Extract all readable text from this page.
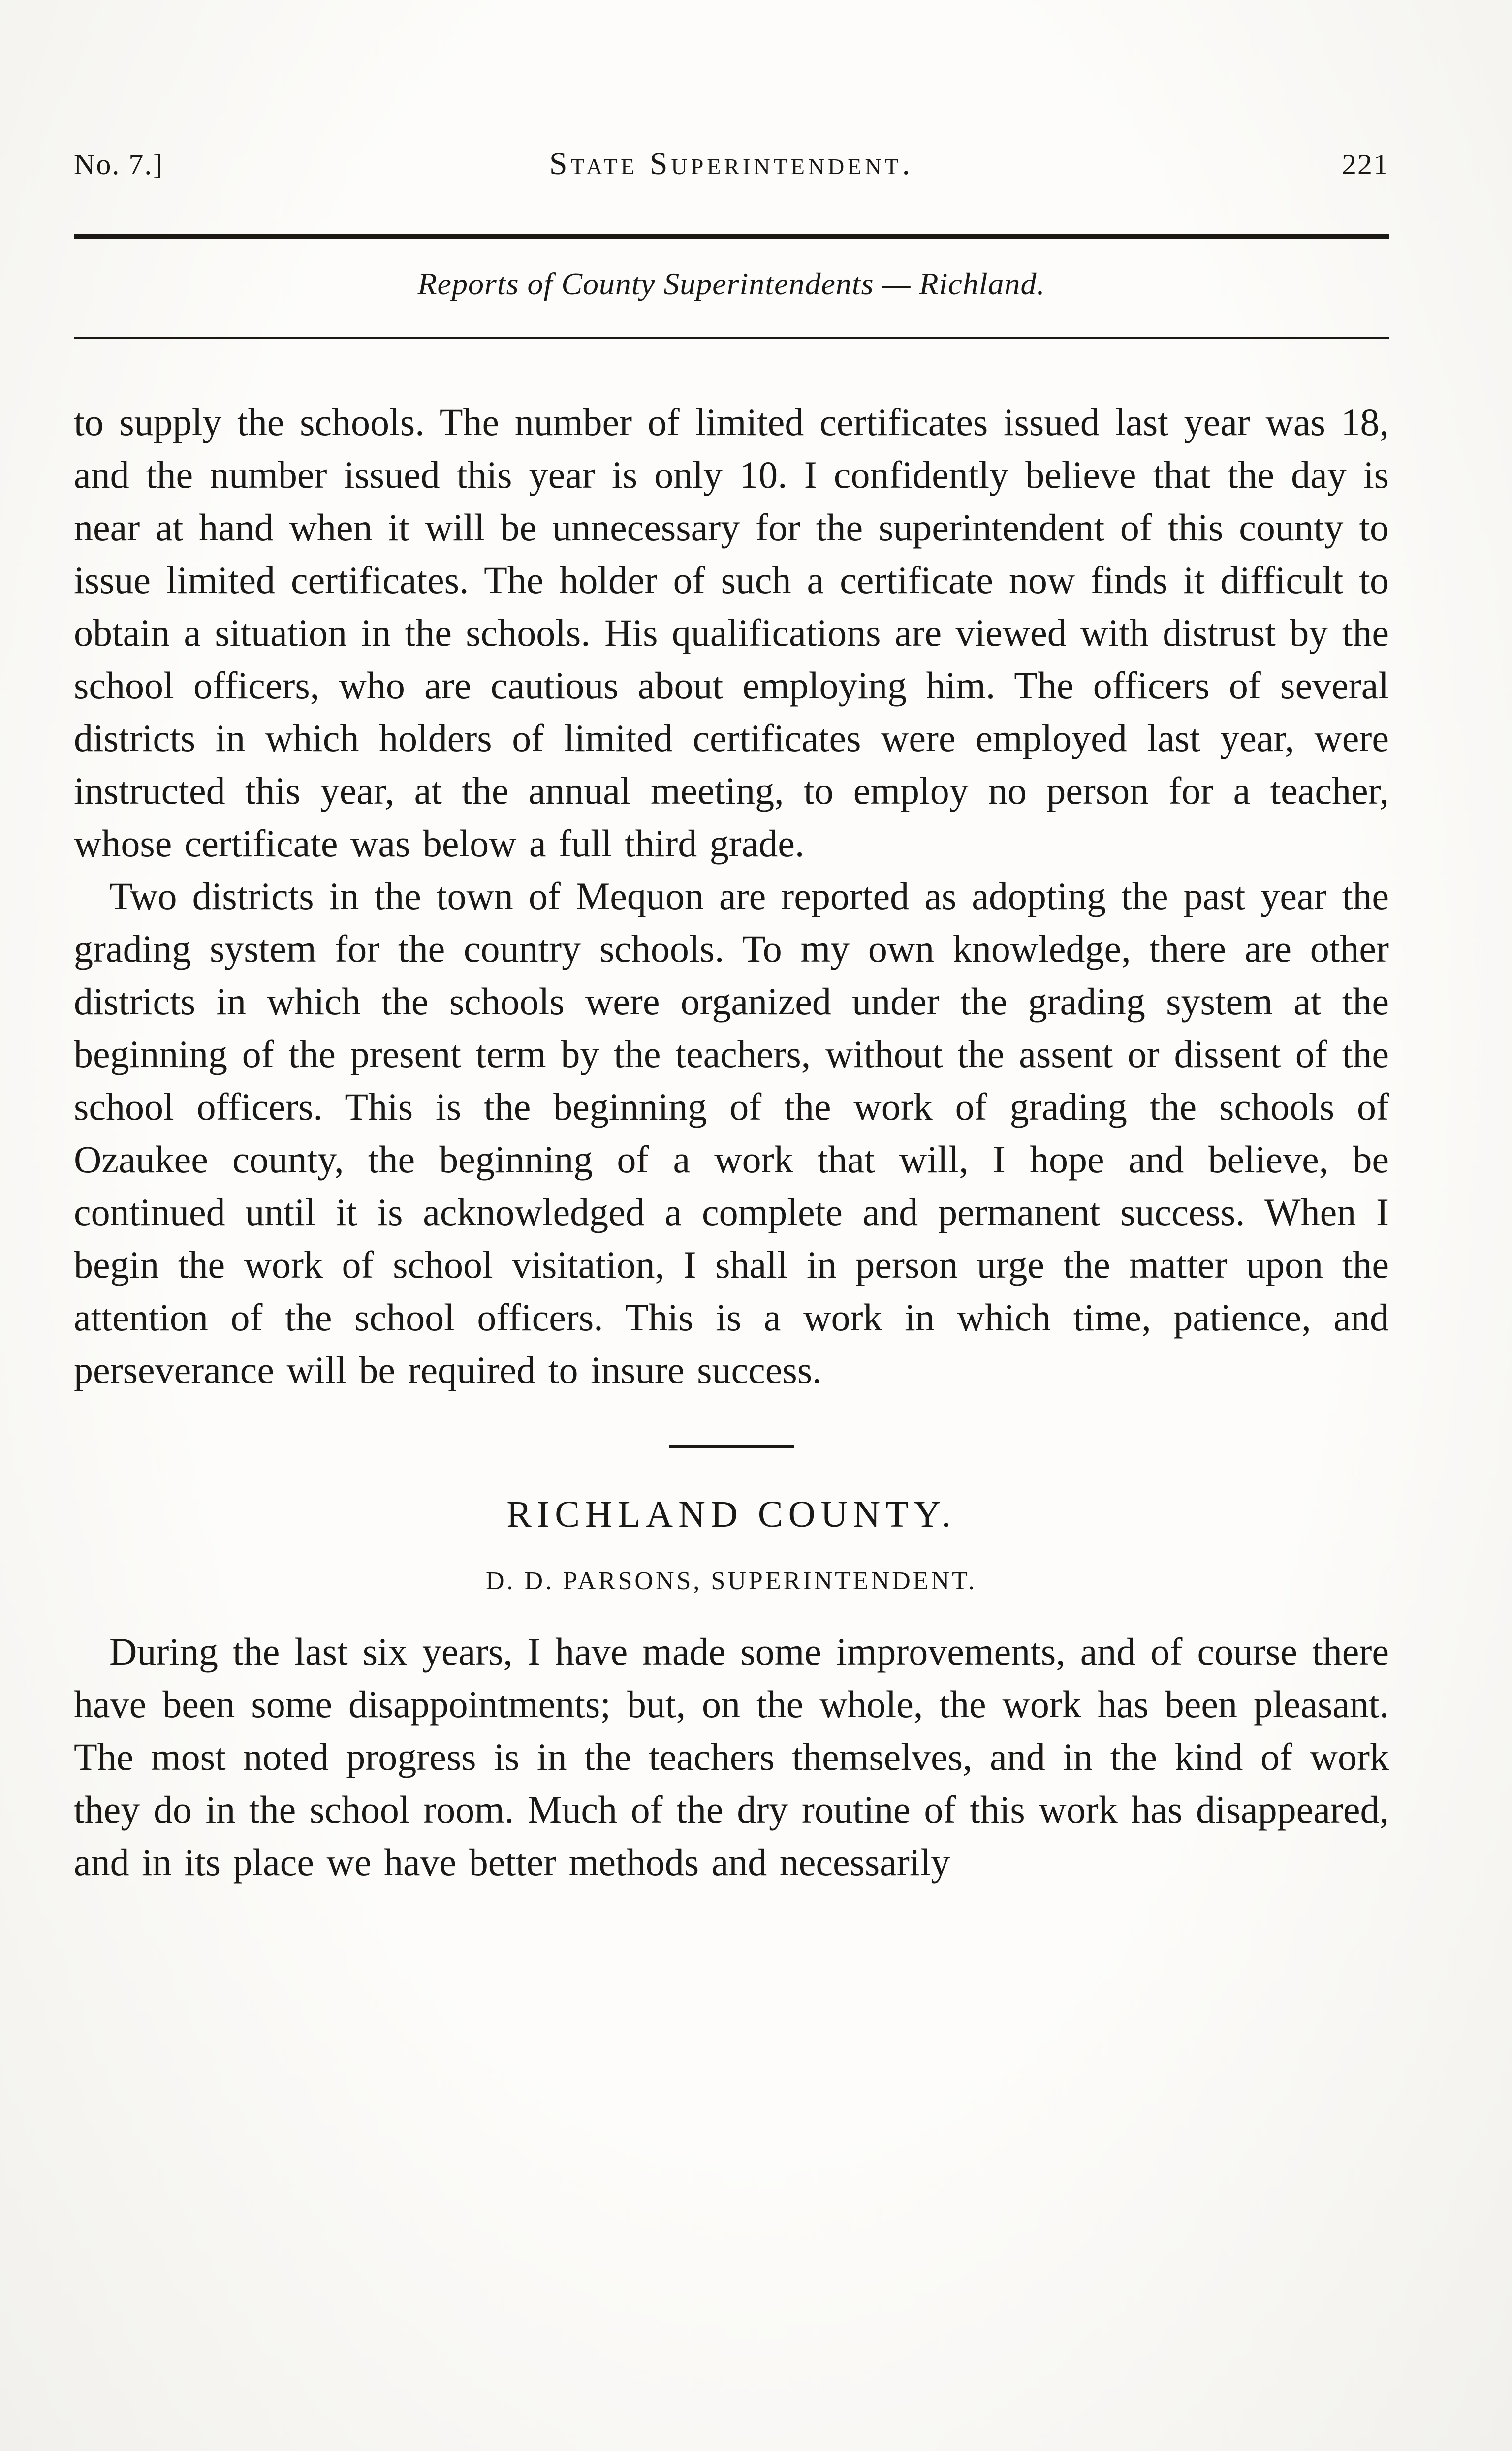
No. 7.]	State Superintendent.	221
Reports of County Superintendents — Richland.

to supply the schools. The number of limited certificates issued last year was 18, and the number issued this year is only 10. I confidently believe that the day is near at hand when it will be unnecessary for the superintendent of this county to issue limited certificates. The holder of such a certificate now finds it difficult to obtain a situation in the schools. His qualifications are viewed with distrust by the school officers, who are cautious about employing him. The officers of several districts in which holders of limited certificates were employed last year, were instructed this year, at the annual meeting, to employ no person for a teacher, whose certificate was below a full third grade.

Two districts in the town of Mequon are reported as adopting the past year the grading system for the country schools. To my own knowledge, there are other districts in which the schools were organized under the grading system at the beginning of the present term by the teachers, without the assent or dissent of the school officers. This is the beginning of the work of grading the schools of Ozaukee county, the beginning of a work that will, I hope and believe, be continued until it is acknowledged a complete and permanent success. When I begin the work of school visitation, I shall in person urge the matter upon the attention of the school officers. This is a work in which time, patience, and perseverance will be required to insure success.

RICHLAND COUNTY.
D. D. PARSONS, SUPERINTENDENT.

During the last six years, I have made some improvements, and of course there have been some disappointments; but, on the whole, the work has been pleasant. The most noted progress is in the teachers themselves, and in the kind of work they do in the school room. Much of the dry routine of this work has disappeared, and in its place we have better methods and necessarily
